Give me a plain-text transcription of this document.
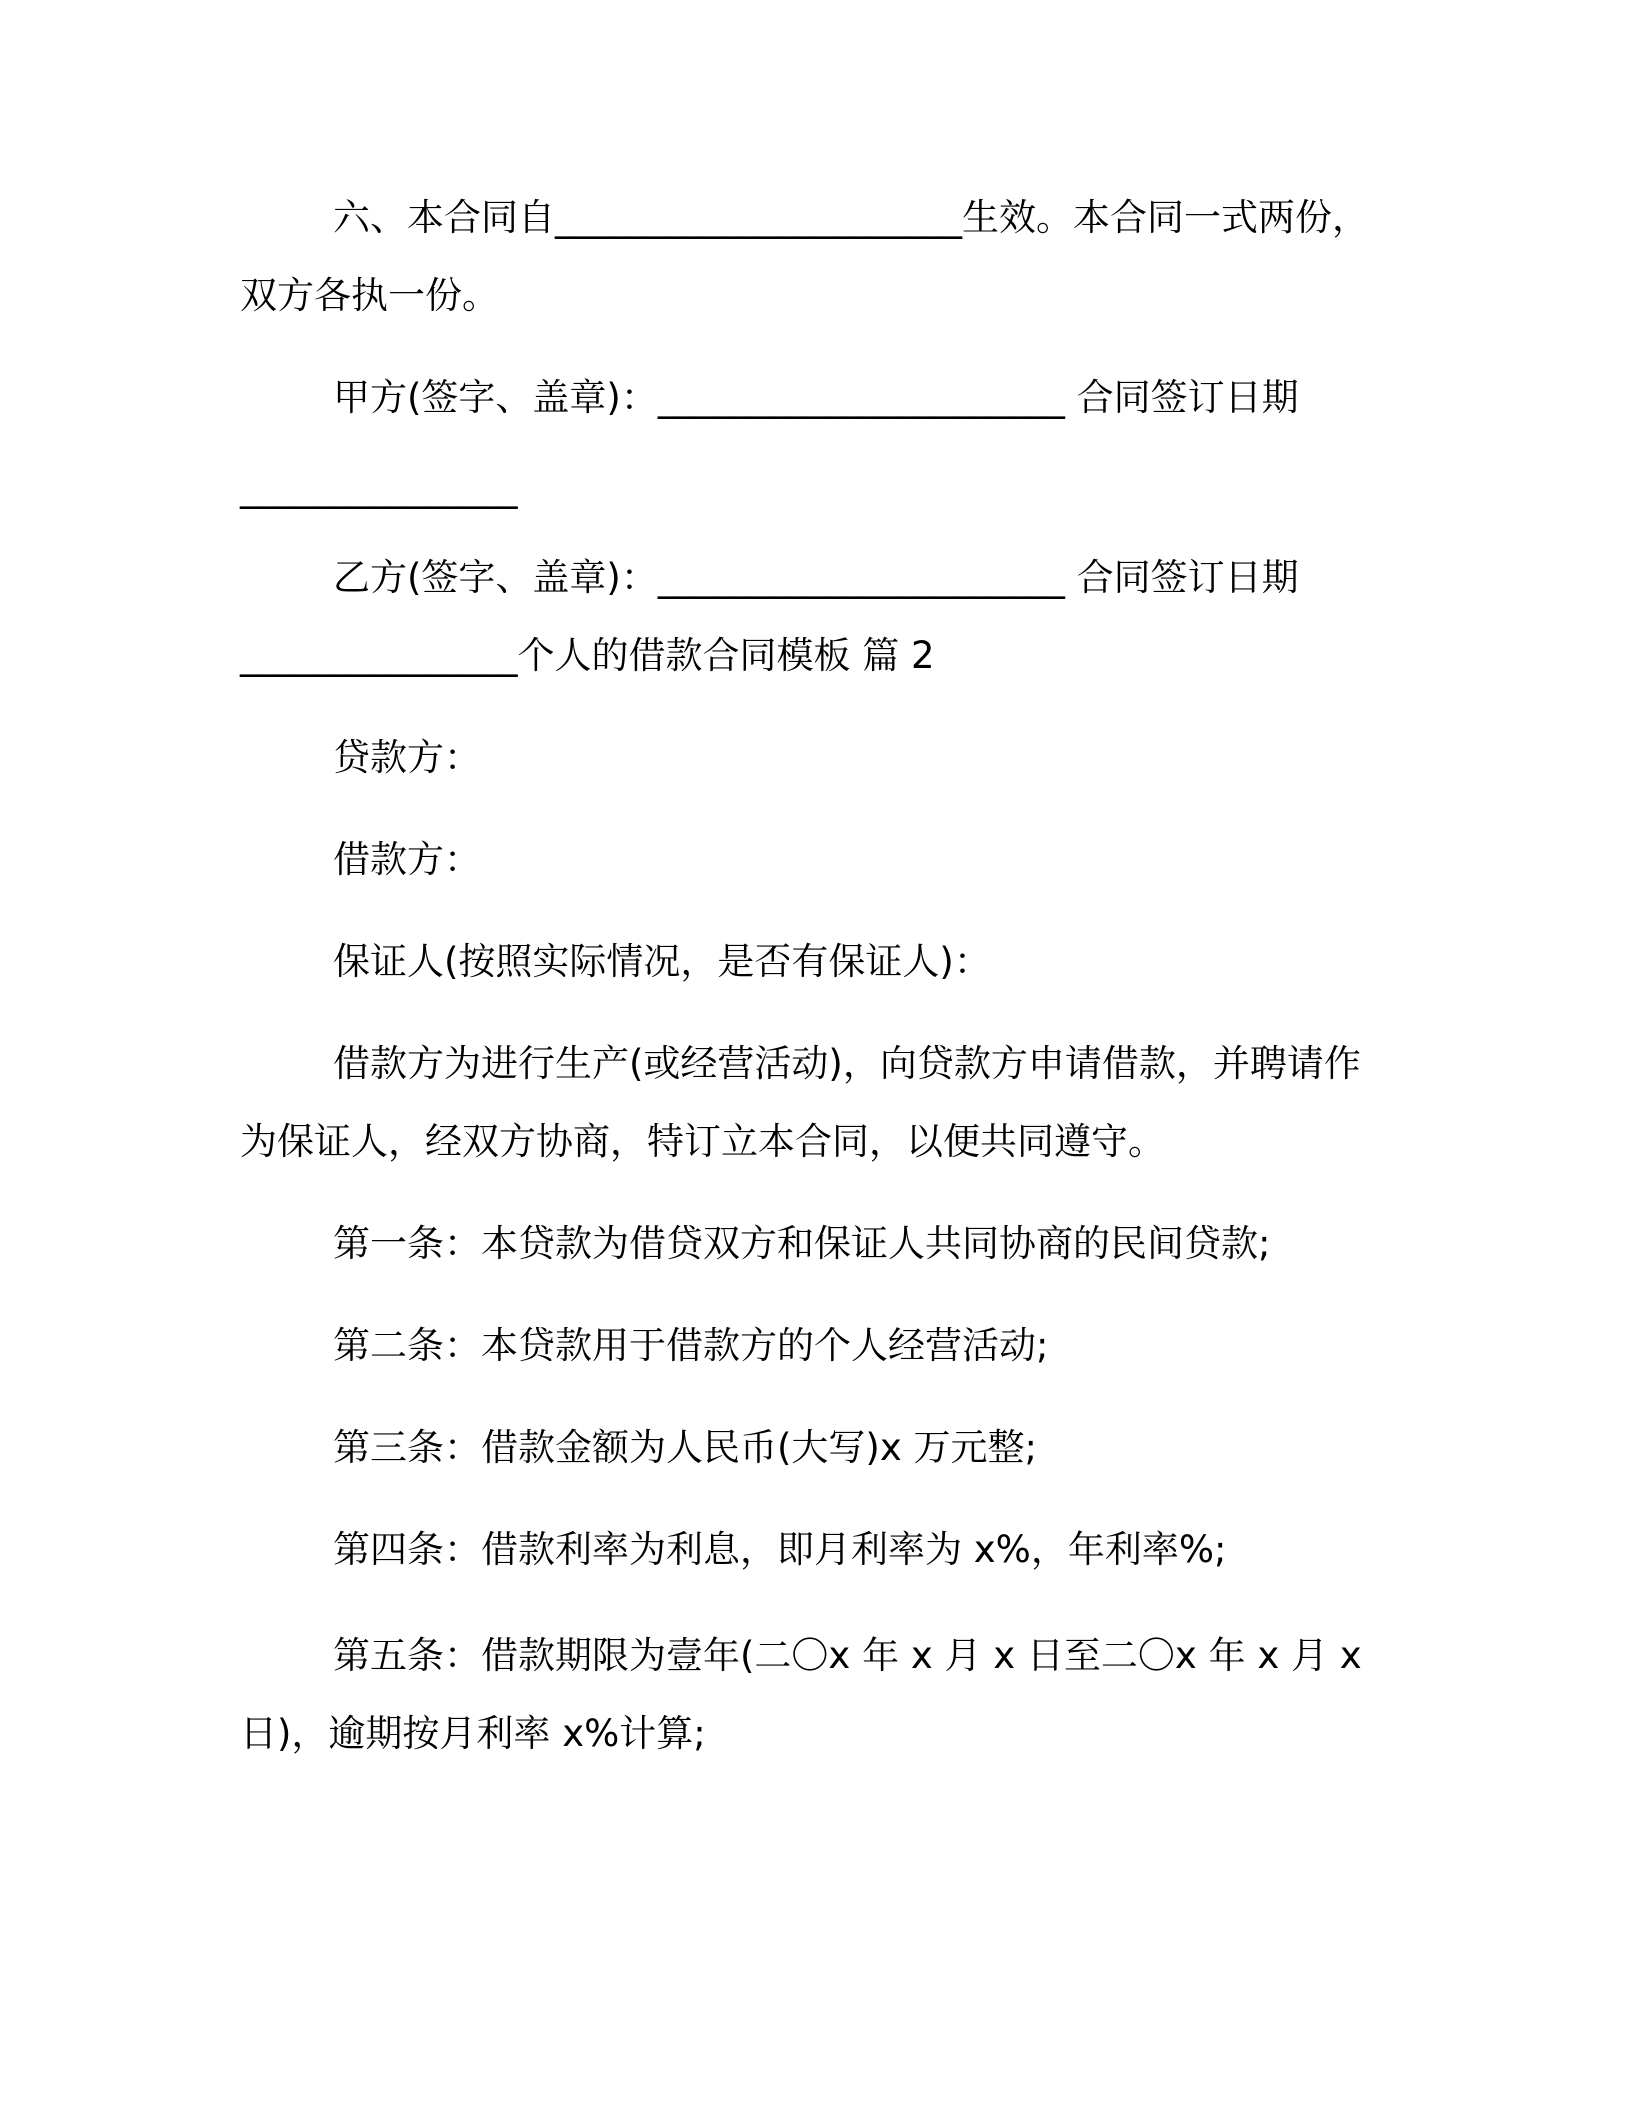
六、本合同自______________________生效。本合同一式两份，
双方各执一份。
甲方(签字、盖章)：______________________ 合同签订日期
_______________
乙方(签字、盖章)：______________________ 合同签订日期
_______________个人的借款合同模板 篇 2
贷款方：
借款方：
保证人(按照实际情况，是否有保证人)：
借款方为进行生产(或经营活动)，向贷款方申请借款，并聘请作
为保证人，经双方协商，特订立本合同，以便共同遵守。
第一条：本贷款为借贷双方和保证人共同协商的民间贷款;
第二条：本贷款用于借款方的个人经营活动;
第三条：借款金额为人民币(大写)x 万元整;
第四条：借款利率为利息，即月利率为 x%，年利率%;
第五条：借款期限为壹年(二〇x 年 x 月 x 日至二〇x 年 x 月 x
日)，逾期按月利率 x%计算;
